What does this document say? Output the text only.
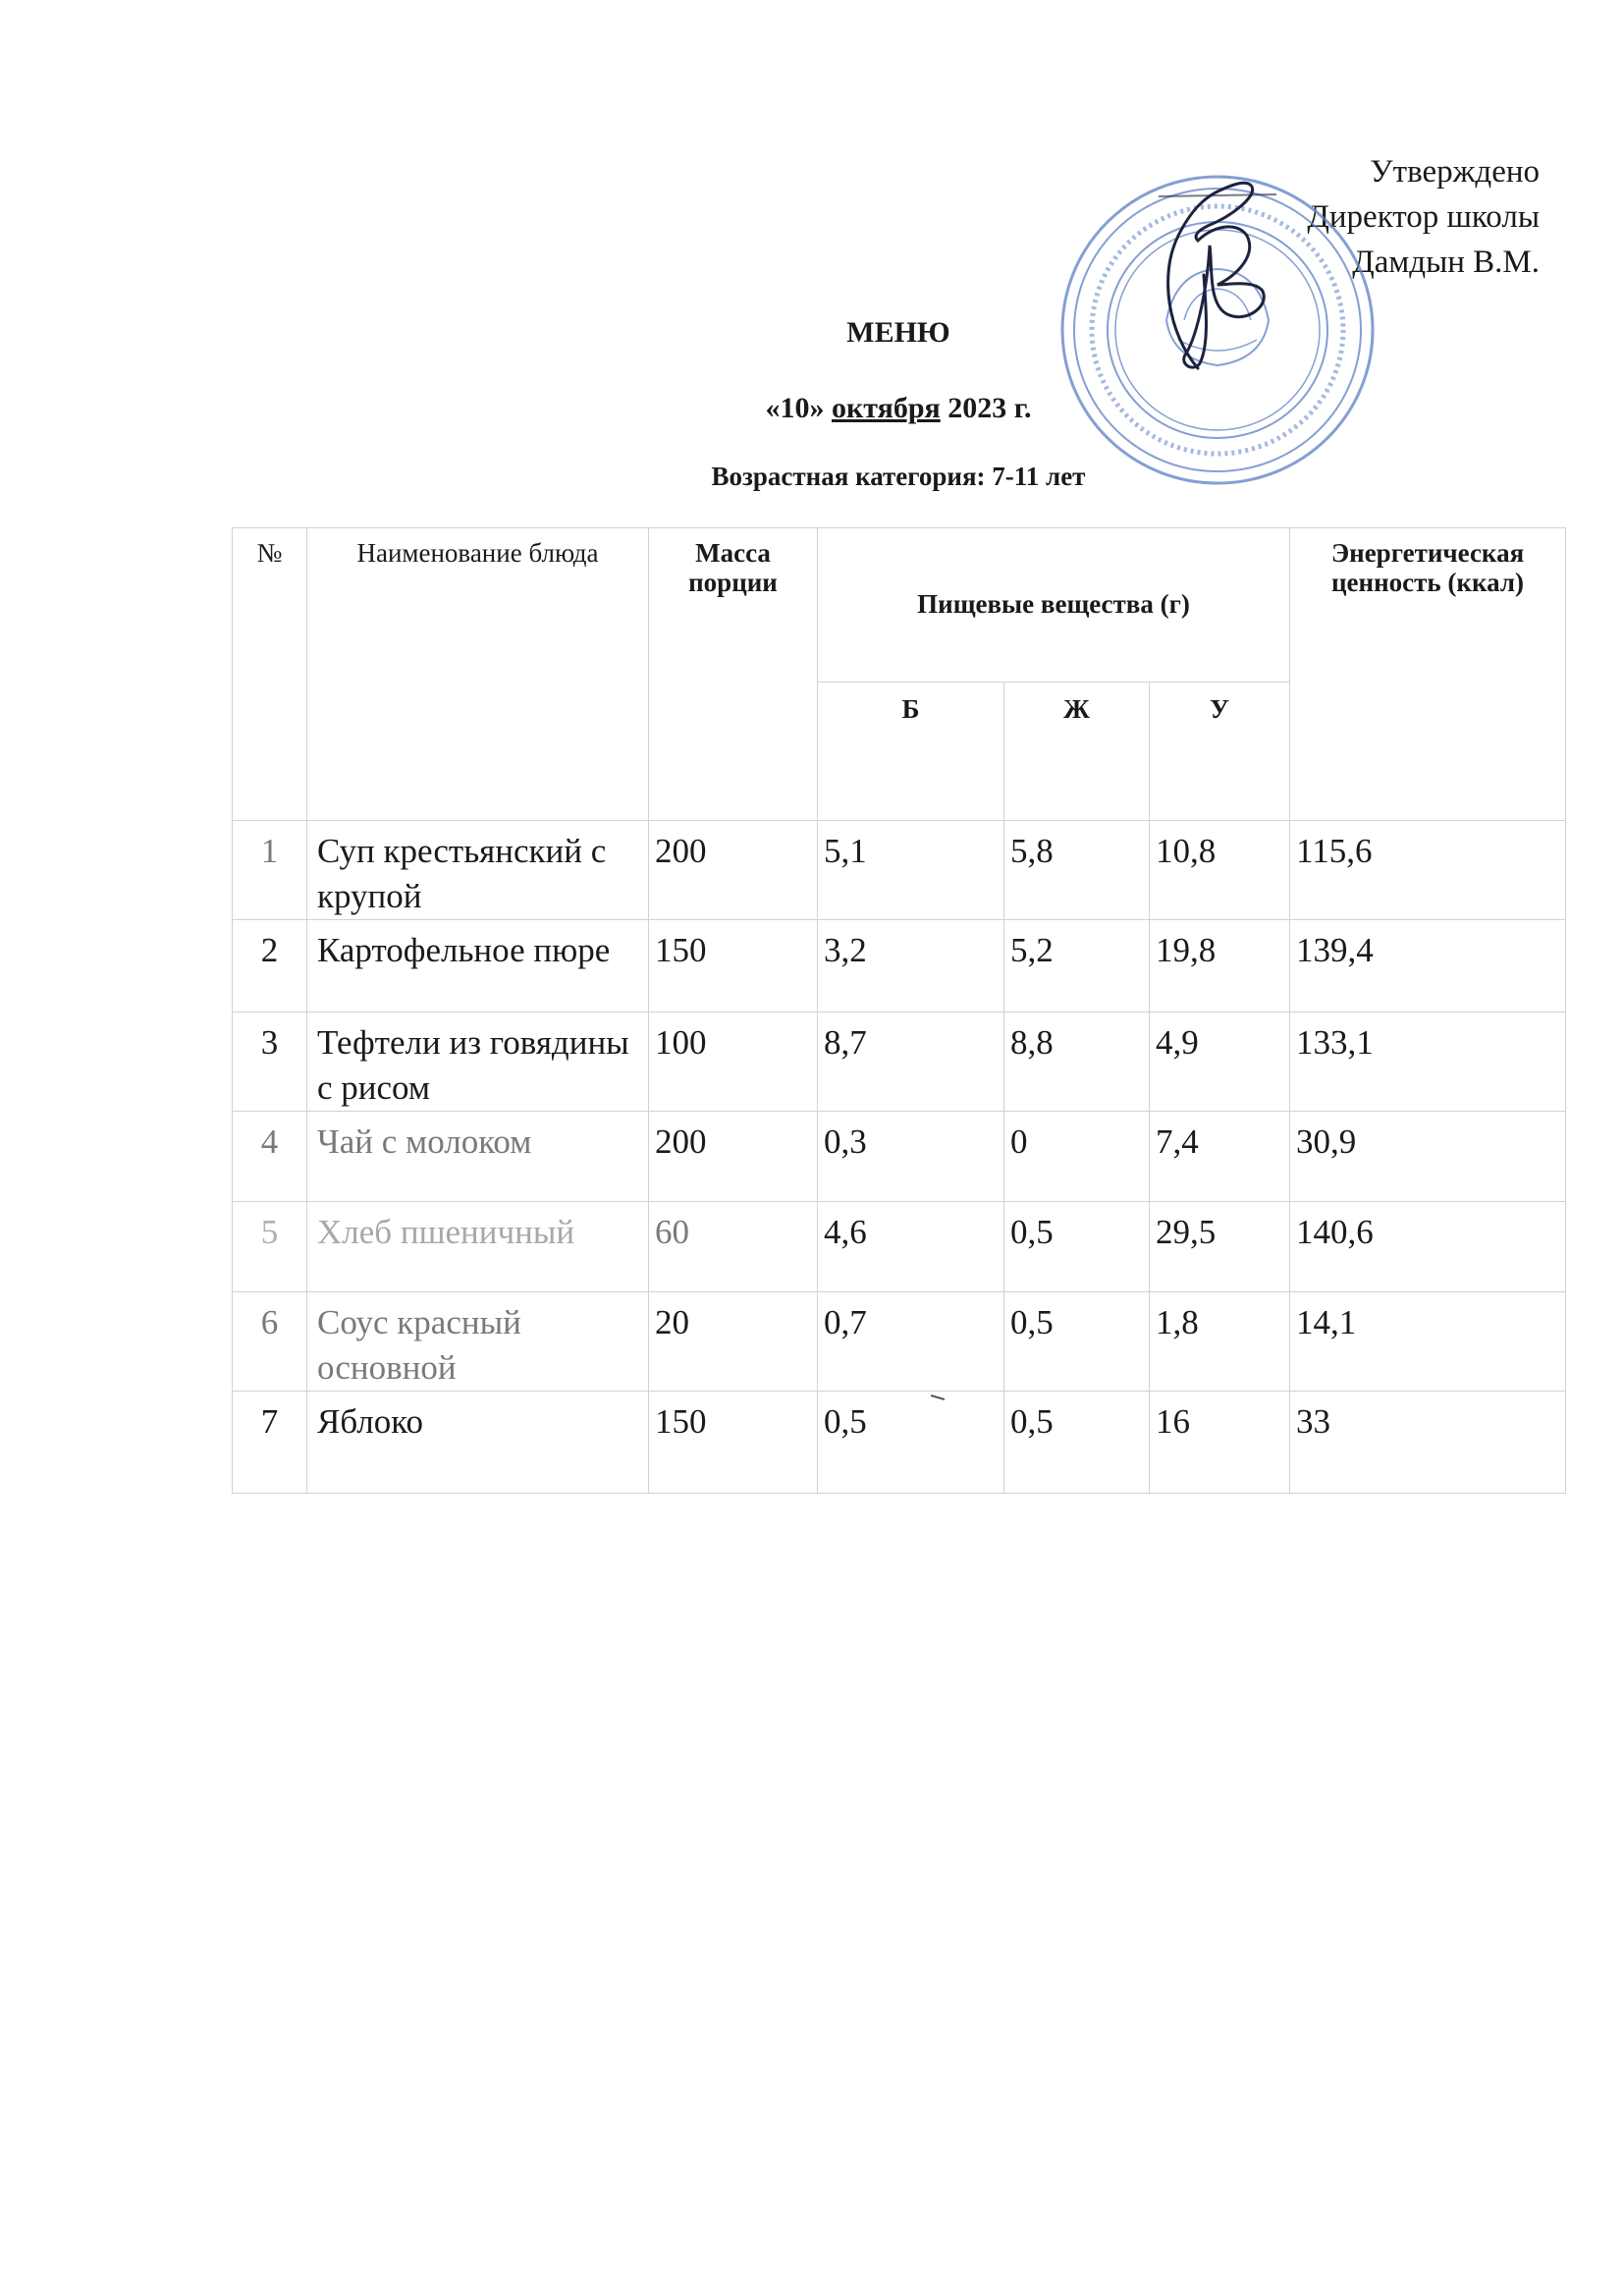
Утверждено
Директор школы
Дамдын В.М.
МЕНЮ
«10» октября 2023 г.
Возрастная категория: 7-11 лет
№	Наименование блюда	Масса порции	Пищевые вещества (г)			Энергетическая ценность (ккал)
			Б	Ж	У	
1	Суп крестьянский с крупой	200	5,1	5,8	10,8	115,6
2	Картофельное пюре	150	3,2	5,2	19,8	139,4
3	Тефтели из говядины с рисом	100	8,7	8,8	4,9	133,1
4	Чай с молоком	200	0,3	0	7,4	30,9
5	Хлеб пшеничный	60	4,6	0,5	29,5	140,6
6	Соус красный основной	20	0,7	0,5	1,8	14,1
7	Яблоко	150	0,5	0,5	16	33
